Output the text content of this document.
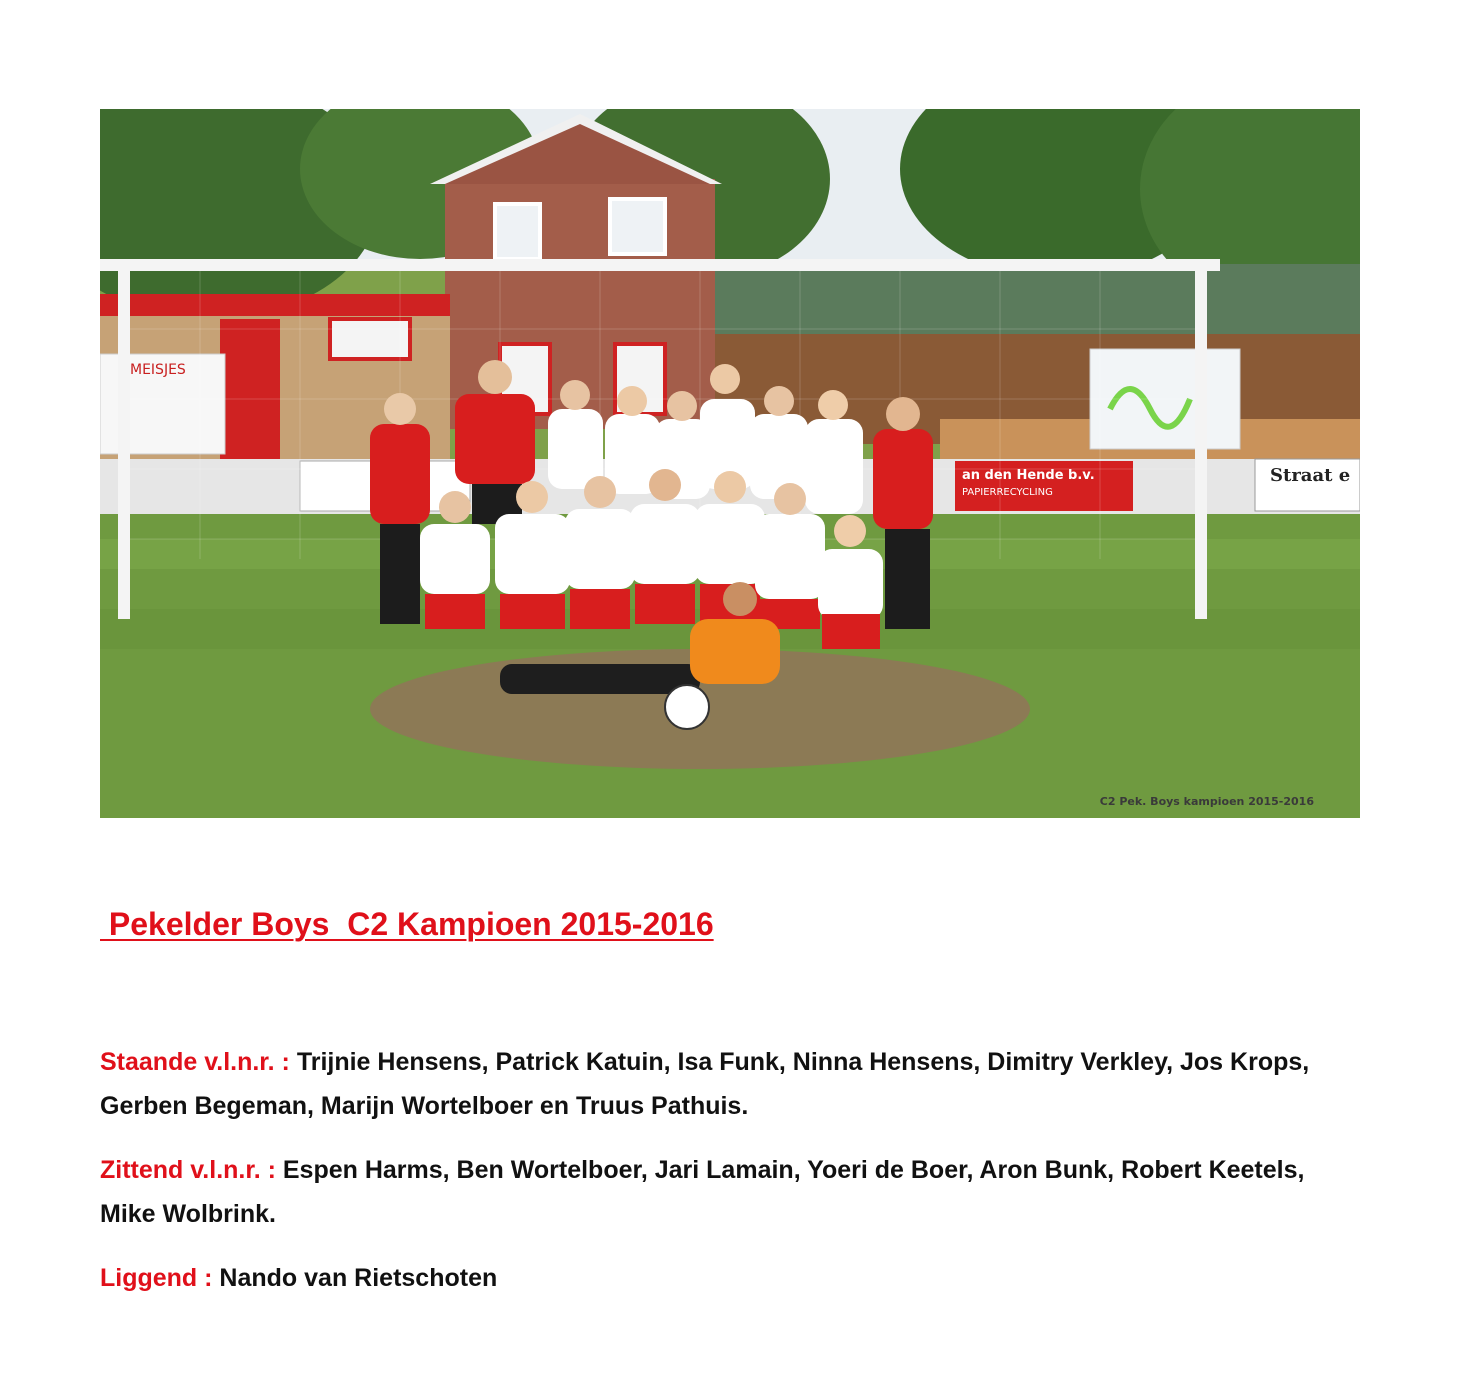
MEISJES
an den Hende b.v.
PAPIERRECYCLING
Straat e
C2 Pek. Boys kampioen 2015-2016
Pekelder Boys  C2 Kampioen 2015-2016

Staande v.l.n.r. : Trijnie Hensens, Patrick Katuin, Isa Funk, Ninna Hensens, Dimitry Verkley, Jos Krops, Gerben Begeman, Marijn Wortelboer en Truus Pathuis.

Zittend v.l.n.r. : Espen Harms, Ben Wortelboer, Jari Lamain, Yoeri de Boer, Aron Bunk, Robert Keetels, Mike Wolbrink.

Liggend : Nando van Rietschoten
